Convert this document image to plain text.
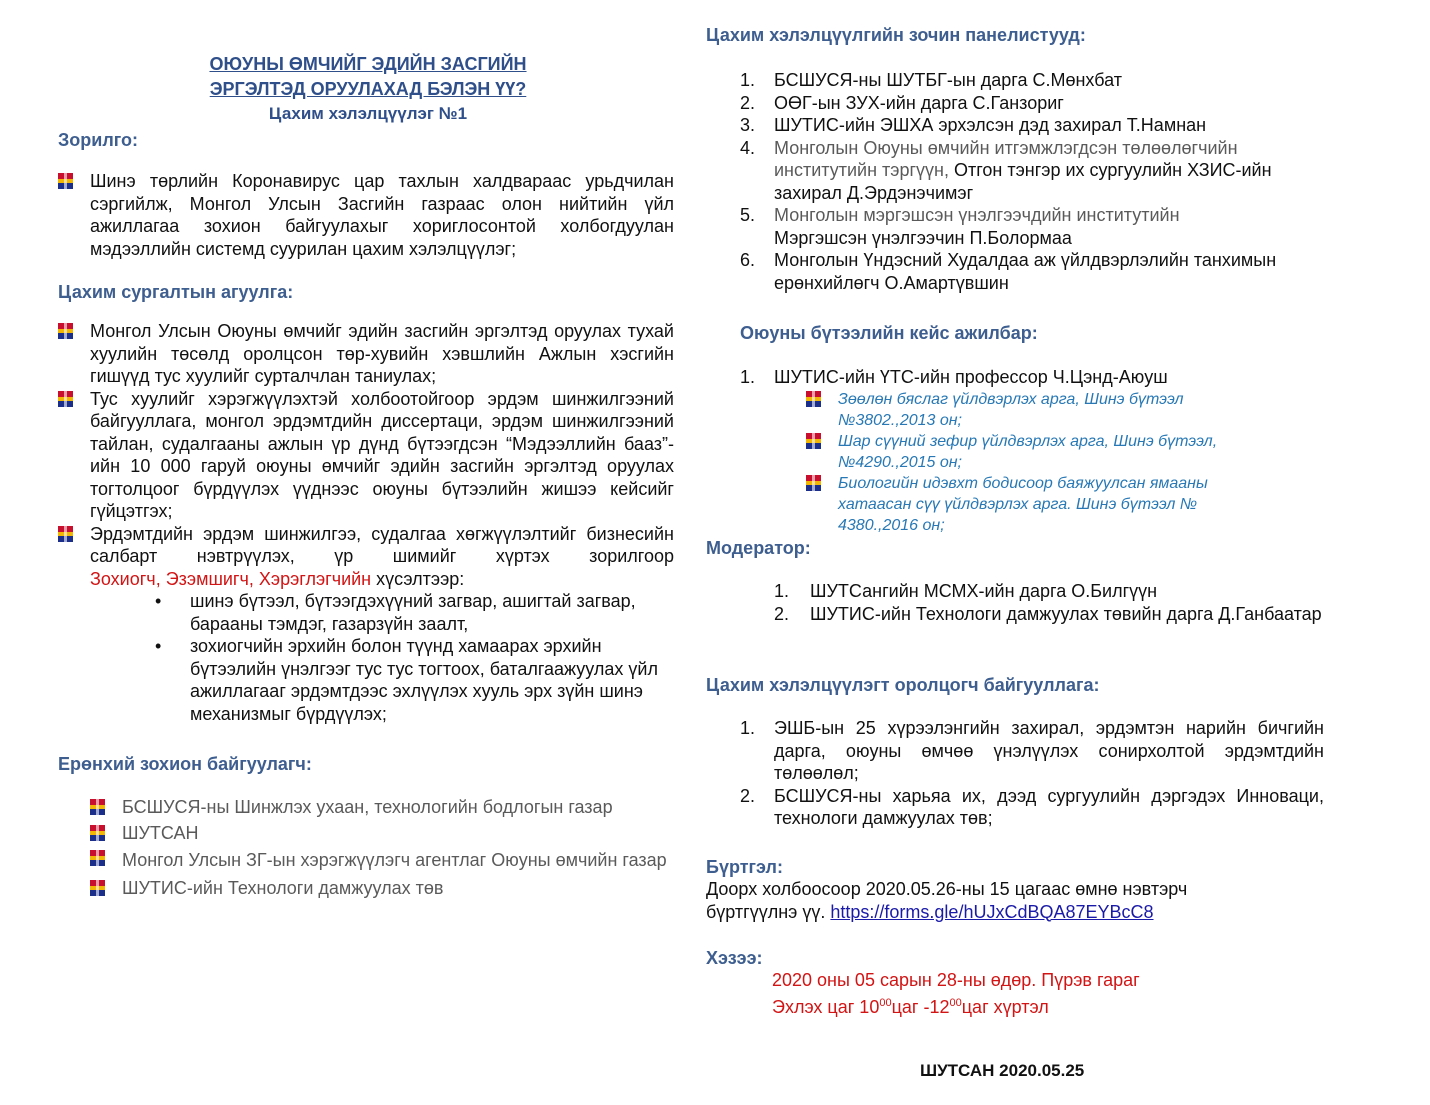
ОЮУНЫ ӨМЧИЙГ ЭДИЙН ЗАСГИЙН
ЭРГЭЛТЭД ОРУУЛАХАД БЭЛЭН ҮҮ?
Цахим хэлэлцүүлэг №1
Зорилго:
Шинэ төрлийн Коронавирус цар тахлын халдвараас урьдчилан сэргийлж, Монгол Улсын Засгийн газраас олон нийтийн үйл ажиллагаа зохион байгуулахыг хориглосонтой холбогдуулан мэдээллийн системд суурилан цахим хэлэлцүүлэг;
Цахим сургалтын агуулга:
Монгол Улсын Оюуны өмчийг эдийн засгийн эргэлтэд оруулах тухай хуулийн төсөлд оролцсон төр-хувийн хэвшлийн Ажлын хэсгийн гишүүд тус хуулийг сурталчлан таниулах;
Тус хуулийг хэрэгжүүлэхтэй холбоотойгоор эрдэм шинжилгээний байгууллага, монгол эрдэмтдийн диссертаци, эрдэм шинжилгээний тайлан, судалгааны ажлын үр дүнд бүтээгдсэн “Мэдээллийн бааз”-ийн 10 000 гаруй оюуны өмчийг эдийн засгийн эргэлтэд оруулах тогтолцоог бүрдүүлэх үүднээс оюуны бүтээлийн жишээ кейсийг гүйцэтгэх;
Эрдэмтдийн эрдэм шинжилгээ, судалгаа хөгжүүлэлтийг бизнесийн салбарт нэвтрүүлэх, үр шимийг хүртэх зорилгоор
Зохиогч, Эзэмшигч, Хэрэглэгчийн хүсэлтээр:
• шинэ бүтээл, бүтээгдэхүүний загвар, ашигтай загвар, барааны тэмдэг, газарзүйн заалт,
• зохиогчийн эрхийн болон түүнд хамаарах эрхийн бүтээлийн үнэлгээг тус тус тогтоох, баталгаажуулах үйл ажиллагааг эрдэмтдээс эхлүүлэх хууль эрх зүйн шинэ механизмыг бүрдүүлэх;
Ерөнхий зохион байгуулагч:
БСШУСЯ-ны Шинжлэх ухаан, технологийн бодлогын газар
ШУТСАН
Монгол Улсын ЗГ-ын хэрэгжүүлэгч агентлаг Оюуны өмчийн газар
ШУТИС-ийн Технологи дамжуулах төв
Цахим хэлэлцүүлгийн зочин панелистууд:
1. БСШУСЯ-ны ШУТБГ-ын дарга С.Мөнхбат
2. ОӨГ-ын ЗУХ-ийн дарга С.Ганзориг
3. ШУТИС-ийн ЭШХА эрхэлсэн дэд захирал Т.Намнан
4. Монголын Оюуны өмчийн итгэмжлэгдсэн төлөөлөгчийн институтийн тэргүүн, Отгон тэнгэр их сургуулийн ХЗИС-ийн захирал Д.Эрдэнэчимэг
5. Монголын мэргэшсэн үнэлгээчдийн институтийн
Мэргэшсэн үнэлгээчин П.Болормаа
6. Монголын Үндэсний Худалдаа аж үйлдвэрлэлийн танхимын ерөнхийлөгч О.Амартүвшин
Оюуны бүтээлийн кейс ажилбар:
1. ШУТИС-ийн ҮТС-ийн профессор Ч.Цэнд-Аюуш
Зөөлөн бяслаг үйлдвэрлэх арга, Шинэ бүтээл №3802.,2013 он;
Шар сүүний зефир үйлдвэрлэх арга, Шинэ бүтээл, №4290.,2015 он;
Биологийн идэвхт бодисоор баяжуулсан ямааны хатаасан сүү үйлдвэрлэх арга. Шинэ бүтээл № 4380.,2016 он;
Модератор:
1. ШУТСангийн МСМХ-ийн дарга О.Билгүүн
2. ШУТИС-ийн Технологи дамжуулах төвийн дарга Д.Ганбаатар
Цахим хэлэлцүүлэгт оролцогч байгууллага:
1. ЭШБ-ын 25 хүрээлэнгийн захирал, эрдэмтэн нарийн бичгийн дарга, оюуны өмчөө үнэлүүлэх сонирхолтой эрдэмтдийн төлөөлөл;
2. БСШУСЯ-ны харьяа их, дээд сургуулийн дэргэдэх Инноваци, технологи дамжуулах төв;
Бүртгэл:
Доорх холбоосоор 2020.05.26-ны 15 цагаас өмнө нэвтэрч
бүртгүүлнэ үү. https://forms.gle/hUJxCdBQA87EYBcC8
Хэзээ:
2020 оны 05 сарын 28-ны өдөр. Пүрэв гараг
Эхлэх цаг $10^{00}цаг$ $-12^{00}цаг$ хүртэл
ШУТСАН 2020.05.25
